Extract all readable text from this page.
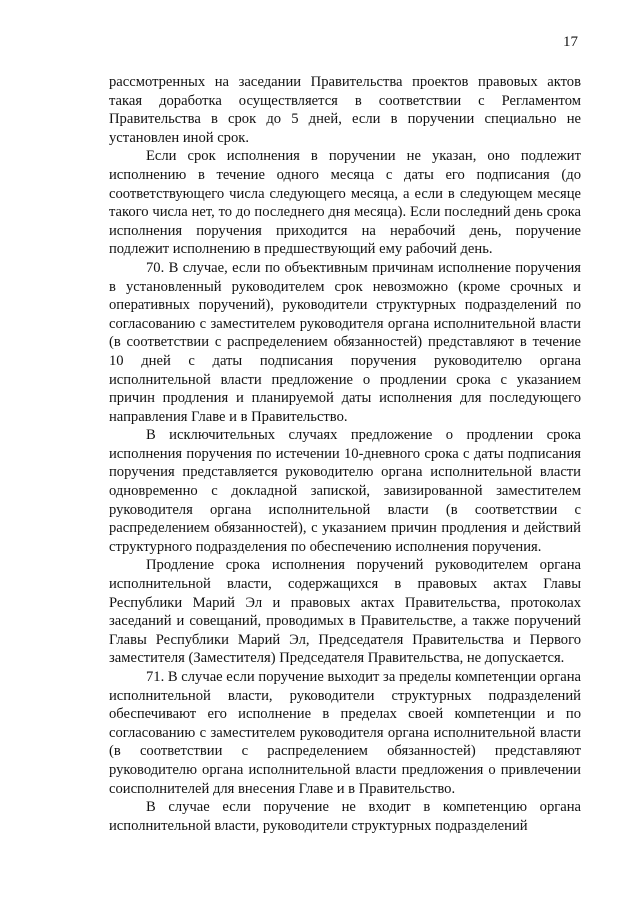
17

рассмотренных на заседании Правительства проектов правовых актов такая доработка осуществляется в соответствии с Регламентом Правительства в срок до 5 дней, если в поручении специально не установлен иной срок.

Если срок исполнения в поручении не указан, оно подлежит исполнению в течение одного месяца с даты его подписания (до соответствующего числа следующего месяца, а если в следующем месяце такого числа нет, то до последнего дня месяца). Если последний день срока исполнения поручения приходится на нерабочий день, поручение подлежит исполнению в предшествующий ему рабочий день.

70. В случае, если по объективным причинам исполнение поручения в установленный руководителем срок невозможно (кроме срочных и оперативных поручений), руководители структурных подразделений по согласованию с заместителем руководителя органа исполнительной власти (в соответствии с распределением обязанностей) представляют в течение 10 дней с даты подписания поручения руководителю органа исполнительной власти предложение о продлении срока с указанием причин продления и планируемой даты исполнения для последующего направления Главе и в Правительство.

В исключительных случаях предложение о продлении срока исполнения поручения по истечении 10-дневного срока с даты подписания поручения представляется руководителю органа исполнительной власти одновременно с докладной запиской, завизированной заместителем руководителя органа исполнительной власти (в соответствии с распределением обязанностей), с указанием причин продления и действий структурного подразделения по обеспечению исполнения поручения.

Продление срока исполнения поручений руководителем органа исполнительной власти, содержащихся в правовых актах Главы Республики Марий Эл и правовых актах Правительства, протоколах заседаний и совещаний, проводимых в Правительстве, а также поручений Главы Республики Марий Эл, Председателя Правительства и Первого заместителя (Заместителя) Председателя Правительства, не допускается.

71. В случае если поручение выходит за пределы компетенции органа исполнительной власти, руководители структурных подразделений обеспечивают его исполнение в пределах своей компетенции и по согласованию с заместителем руководителя органа исполнительной власти (в соответствии с распределением обязанностей) представляют руководителю органа исполнительной власти предложения о привлечении соисполнителей для внесения Главе и в Правительство.

В случае если поручение не входит в компетенцию органа исполнительной власти, руководители структурных подразделений
